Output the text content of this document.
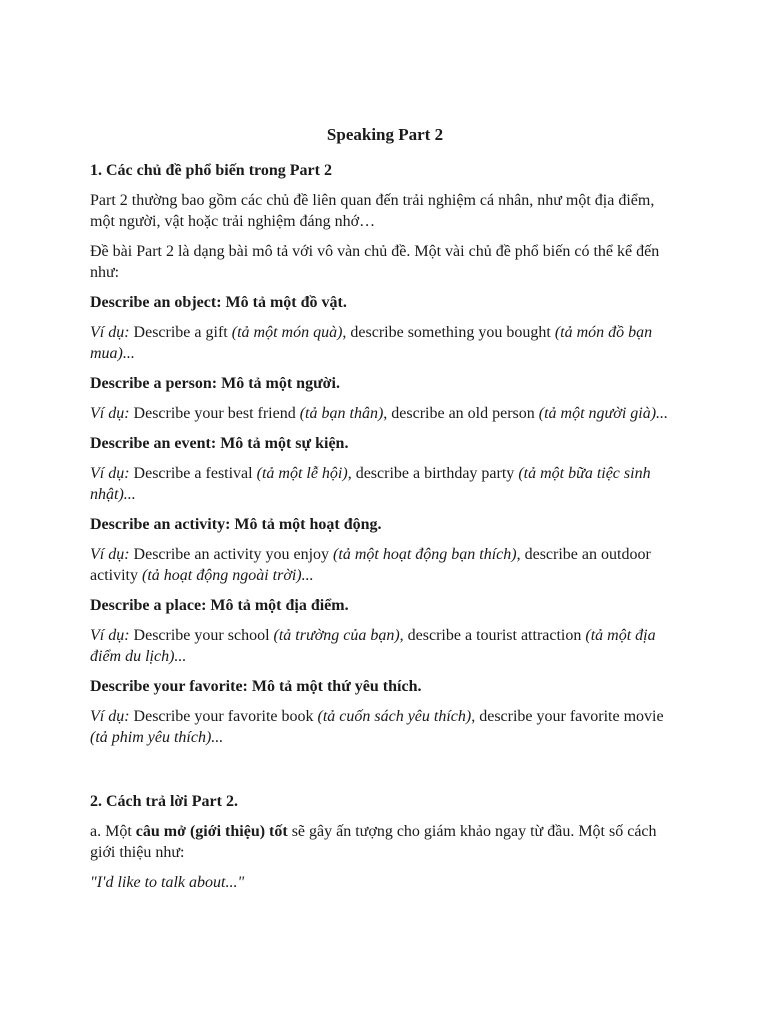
Speaking Part 2

1. Các chủ đề phổ biến trong Part 2

Part 2 thường bao gồm các chủ đề liên quan đến trải nghiệm cá nhân, như một địa điểm, một người, vật hoặc trải nghiệm đáng nhớ…

Đề bài Part 2 là dạng bài mô tả với vô vàn chủ đề. Một vài chủ đề phổ biến có thể kể đến như:

Describe an object: Mô tả một đồ vật.

Ví dụ: Describe a gift (tả một món quà), describe something you bought (tả món đồ bạn mua)...

Describe a person: Mô tả một người.

Ví dụ: Describe your best friend (tả bạn thân), describe an old person (tả một người già)...

Describe an event: Mô tả một sự kiện.

Ví dụ: Describe a festival (tả một lễ hội), describe a birthday party (tả một bữa tiệc sinh nhật)...

Describe an activity: Mô tả một hoạt động.

Ví dụ: Describe an activity you enjoy (tả một hoạt động bạn thích), describe an outdoor activity (tả hoạt động ngoài trời)...

Describe a place: Mô tả một địa điểm.

Ví dụ: Describe your school (tả trường của bạn), describe a tourist attraction (tả một địa điểm du lịch)...

Describe your favorite: Mô tả một thứ yêu thích.

Ví dụ: Describe your favorite book (tả cuốn sách yêu thích), describe your favorite movie (tả phim yêu thích)...

2. Cách trả lời Part 2.

a. Một câu mở (giới thiệu) tốt sẽ gây ấn tượng cho giám khảo ngay từ đầu. Một số cách giới thiệu như:

"I'd like to talk about..."
